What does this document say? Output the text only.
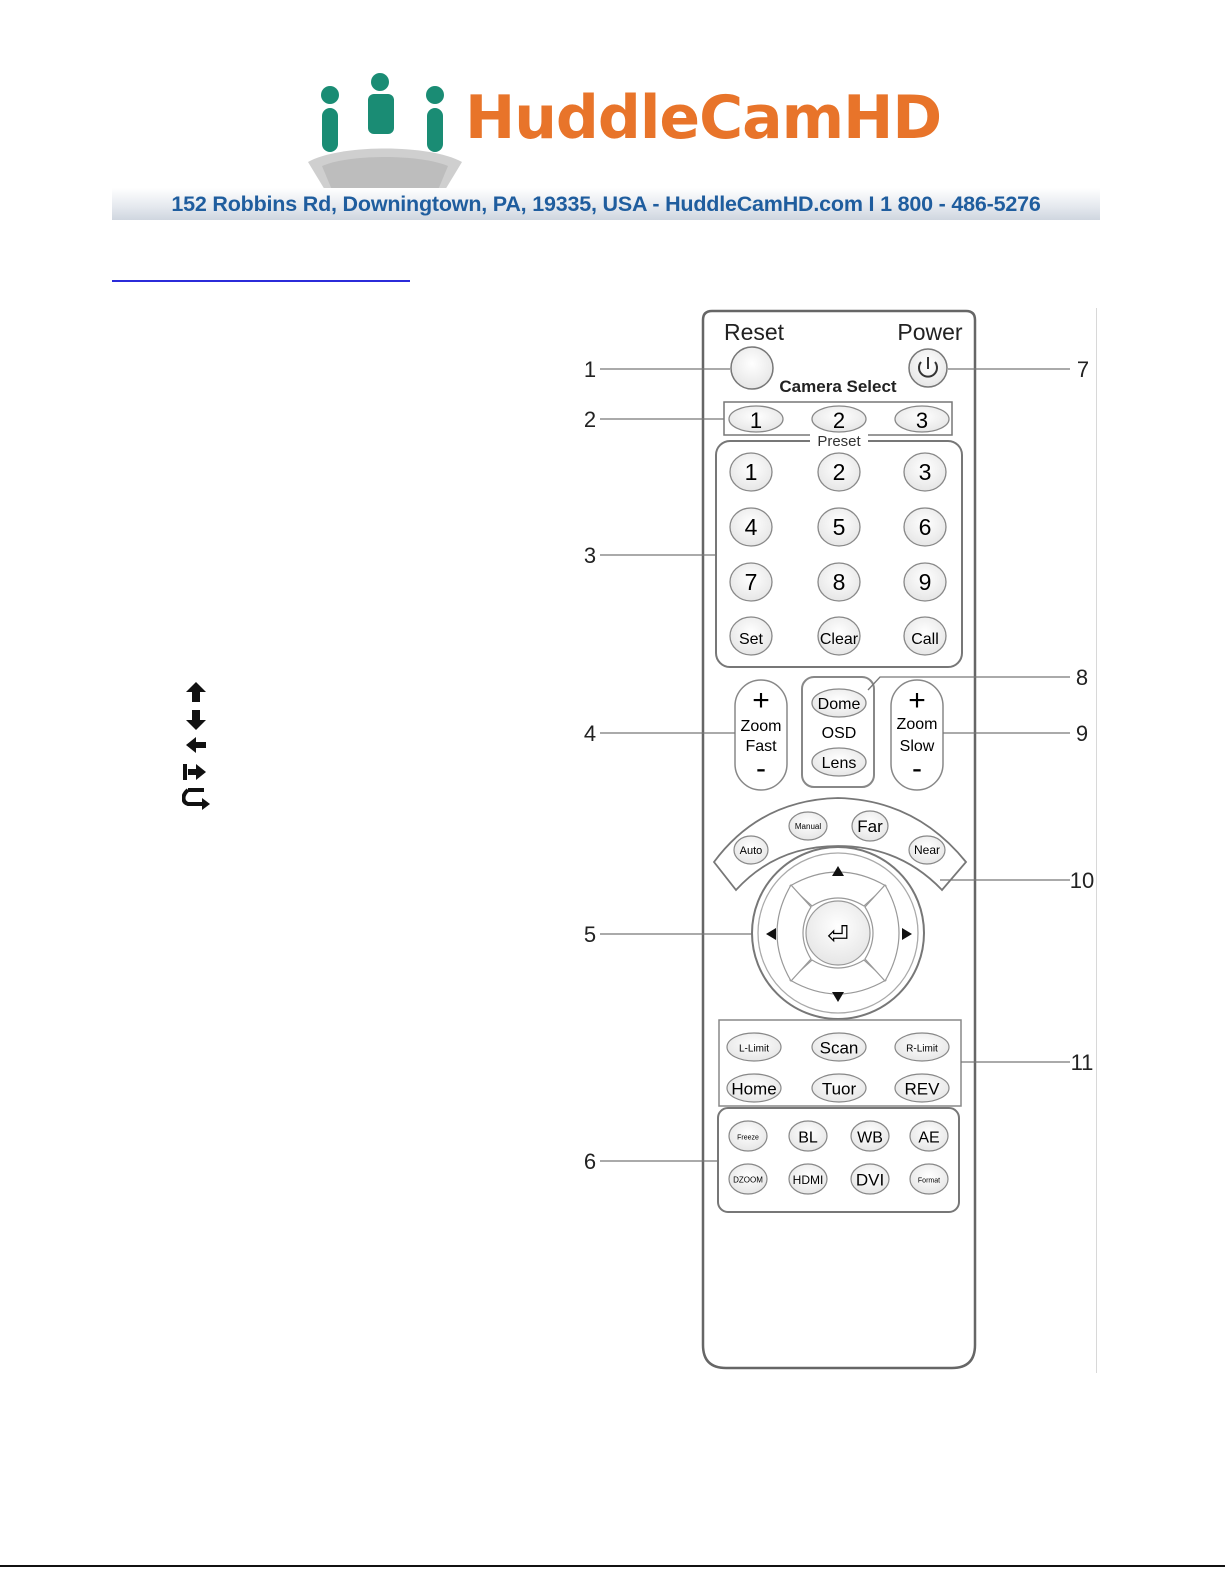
HuddleCamHD
152 Robbins Rd, Downingtown, PA, 19335, USA - HuddleCamHD.com I 1 800 - 486-5276
Reset	Power
Camera Select
1	2	3
Preset
1	2	3
4	5	6
7	8	9
Set	Clear	Call
+
Zoom
Fast
-
Dome
OSD
Lens
+
Zoom
Slow
-
Auto
Manual Far
Near
⏎
L-Limit	Scan	R-Limit
Home	Tuor	REV
Freeze BL WB AE
DZOOM HDMI DVI	Format
1
2
3
4
5
6
7
8
9
10
11
